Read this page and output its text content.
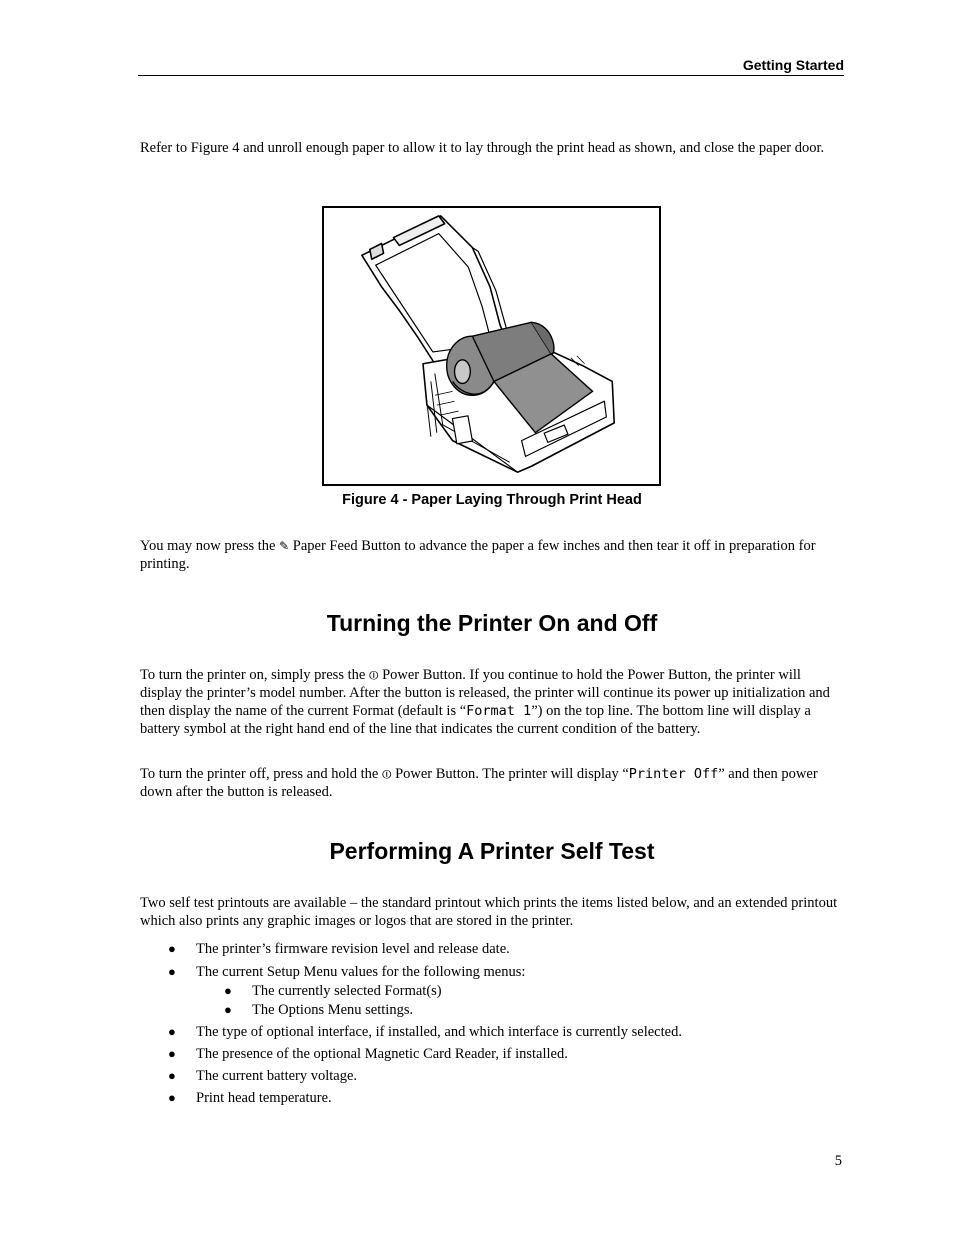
Getting Started

Refer to Figure 4 and unroll enough paper to allow it to lay through the print head as shown, and close the paper door.

Figure 4 - Paper Laying Through Print Head

You may now press the ✎ Paper Feed Button to advance the paper a few inches and then tear it off in preparation for printing.

Turning the Printer On and Off

To turn the printer on, simply press the ⏼ Power Button. If you continue to hold the Power Button, the printer will display the printer’s model number. After the button is released, the printer will continue its power up initialization and then display the name of the current Format (default is “Format 1”) on the top line. The bottom line will display a battery symbol at the right hand end of the line that indicates the current condition of the battery.

To turn the printer off, press and hold the ⏼ Power Button. The printer will display “Printer Off” and then power down after the button is released.

Performing A Printer Self Test

Two self test printouts are available – the standard printout which prints the items listed below, and an extended printout which also prints any graphic images or logos that are stored in the printer.

● The printer’s firmware revision level and release date.
● The current Setup Menu values for the following menus:
● The currently selected Format(s)
● The Options Menu settings.
● The type of optional interface, if installed, and which interface is currently selected.
● The presence of the optional Magnetic Card Reader, if installed.
● The current battery voltage.
● Print head temperature.
5
